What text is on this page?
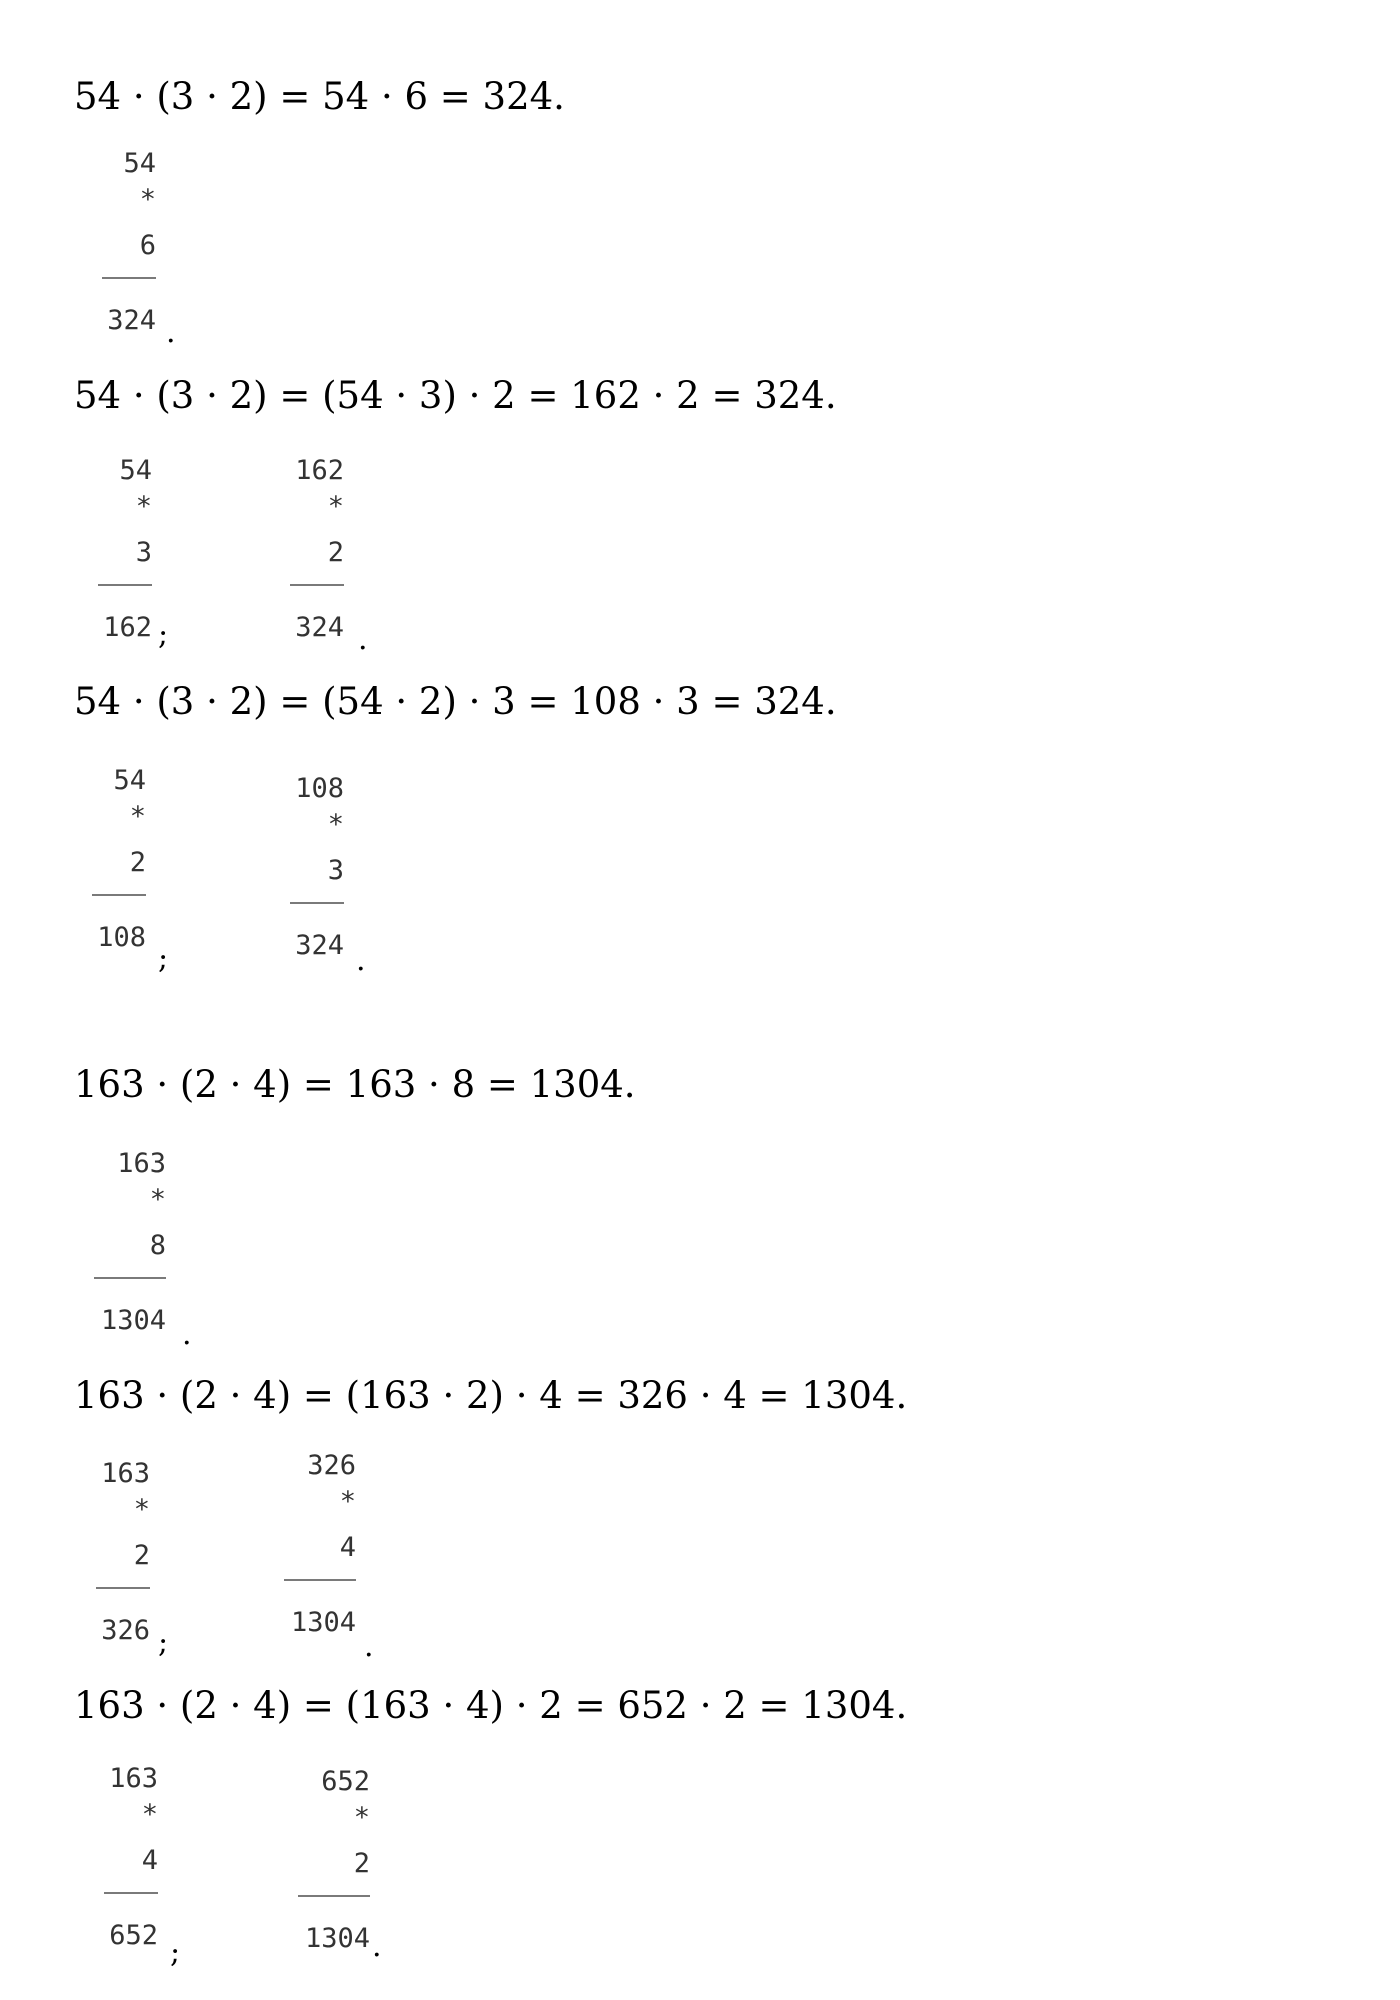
54 · (3 · 2) = 54 · 6 = 324.
54
*
6
324 .
54 · (3 · 2) = (54 · 3) · 2 = 162 · 2 = 324.
54
*
3
162 ;
162
*
2
324 .
54 · (3 · 2) = (54 · 2) · 3 = 108 · 3 = 324.
54
*
2
108
;
108
*
3
324 .
163 · (2 · 4) = 163 · 8 = 1304.
163
*
8
1304 .
163 · (2 · 4) = (163 · 2) · 4 = 326 · 4 = 1304.
163
*
2
326 ;
326
*
4
1304
.
163 · (2 · 4) = (163 · 4) · 2 = 652 · 2 = 1304.
163
*
4
652 ;
652
*
2
1304 .
